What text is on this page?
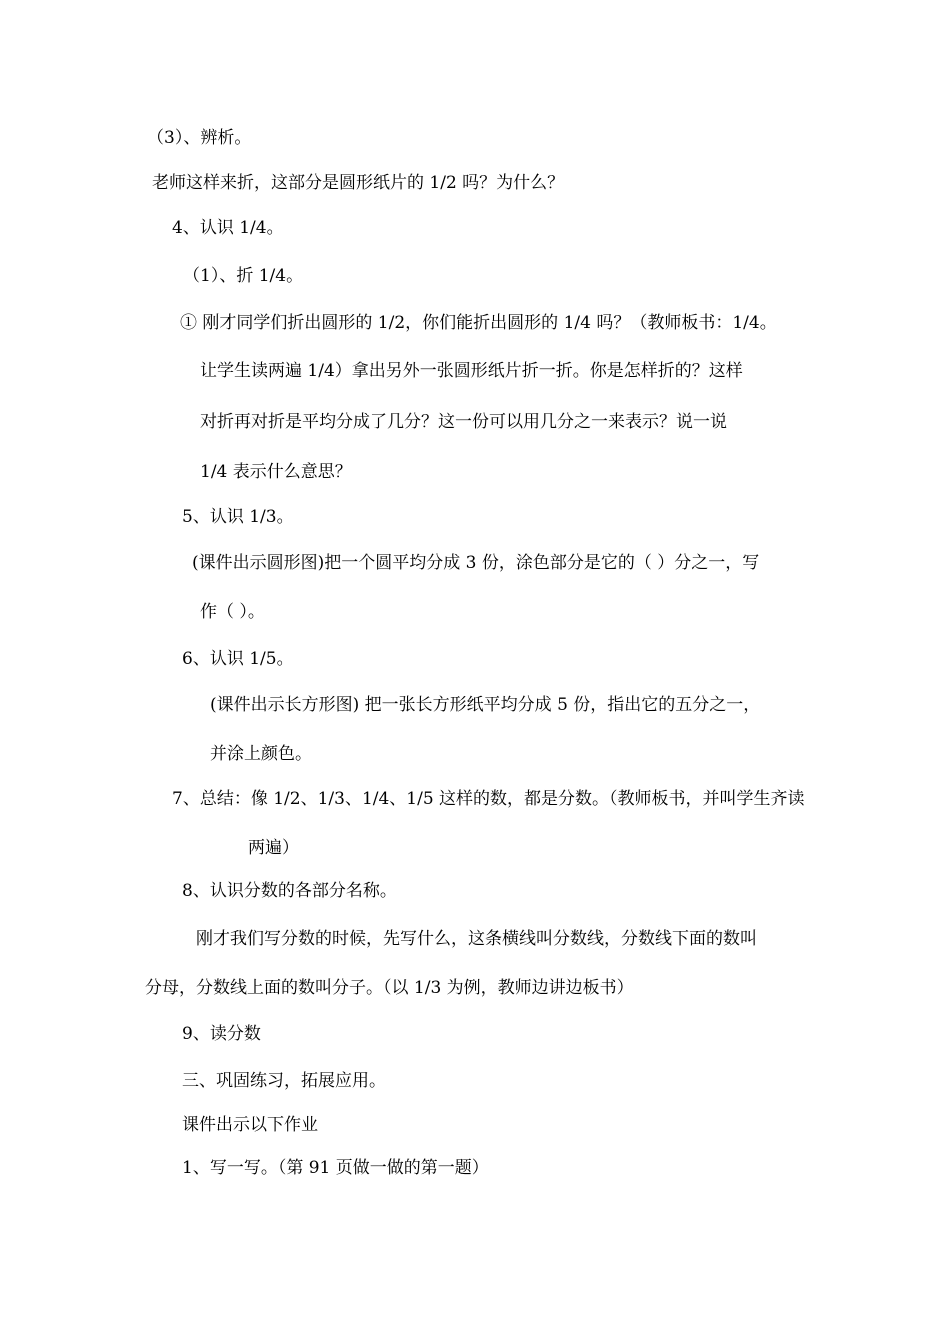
（3）、辨析。
老师这样来折，这部分是圆形纸片的 1/2 吗？为什么？
4、认识 1/4。
（1）、折 1/4。
① 刚才同学们折出圆形的 1/2，你们能折出圆形的 1/4 吗？（教师板书：1/4。
让学生读两遍 1/4）拿出另外一张圆形纸片折一折。你是怎样折的？这样
对折再对折是平均分成了几分？这一份可以用几分之一来表示？说一说
1/4 表示什么意思？
5、认识 1/3。
(课件出示圆形图)把一个圆平均分成 3 份，涂色部分是它的（ ）分之一，写
作（ ）。
6、认识 1/5。
(课件出示长方形图) 把一张长方形纸平均分成 5 份，指出它的五分之一，
并涂上颜色。
7、总结：像 1/2、1/3、1/4、1/5 这样的数，都是分数。（教师板书，并叫学生齐读
两遍）
8、认识分数的各部分名称。
刚才我们写分数的时候，先写什么，这条横线叫分数线，分数线下面的数叫
分母，分数线上面的数叫分子。（以 1/3 为例，教师边讲边板书）
9、读分数
三、巩固练习，拓展应用。
课件出示以下作业
1、写一写。（第 91 页做一做的第一题）
